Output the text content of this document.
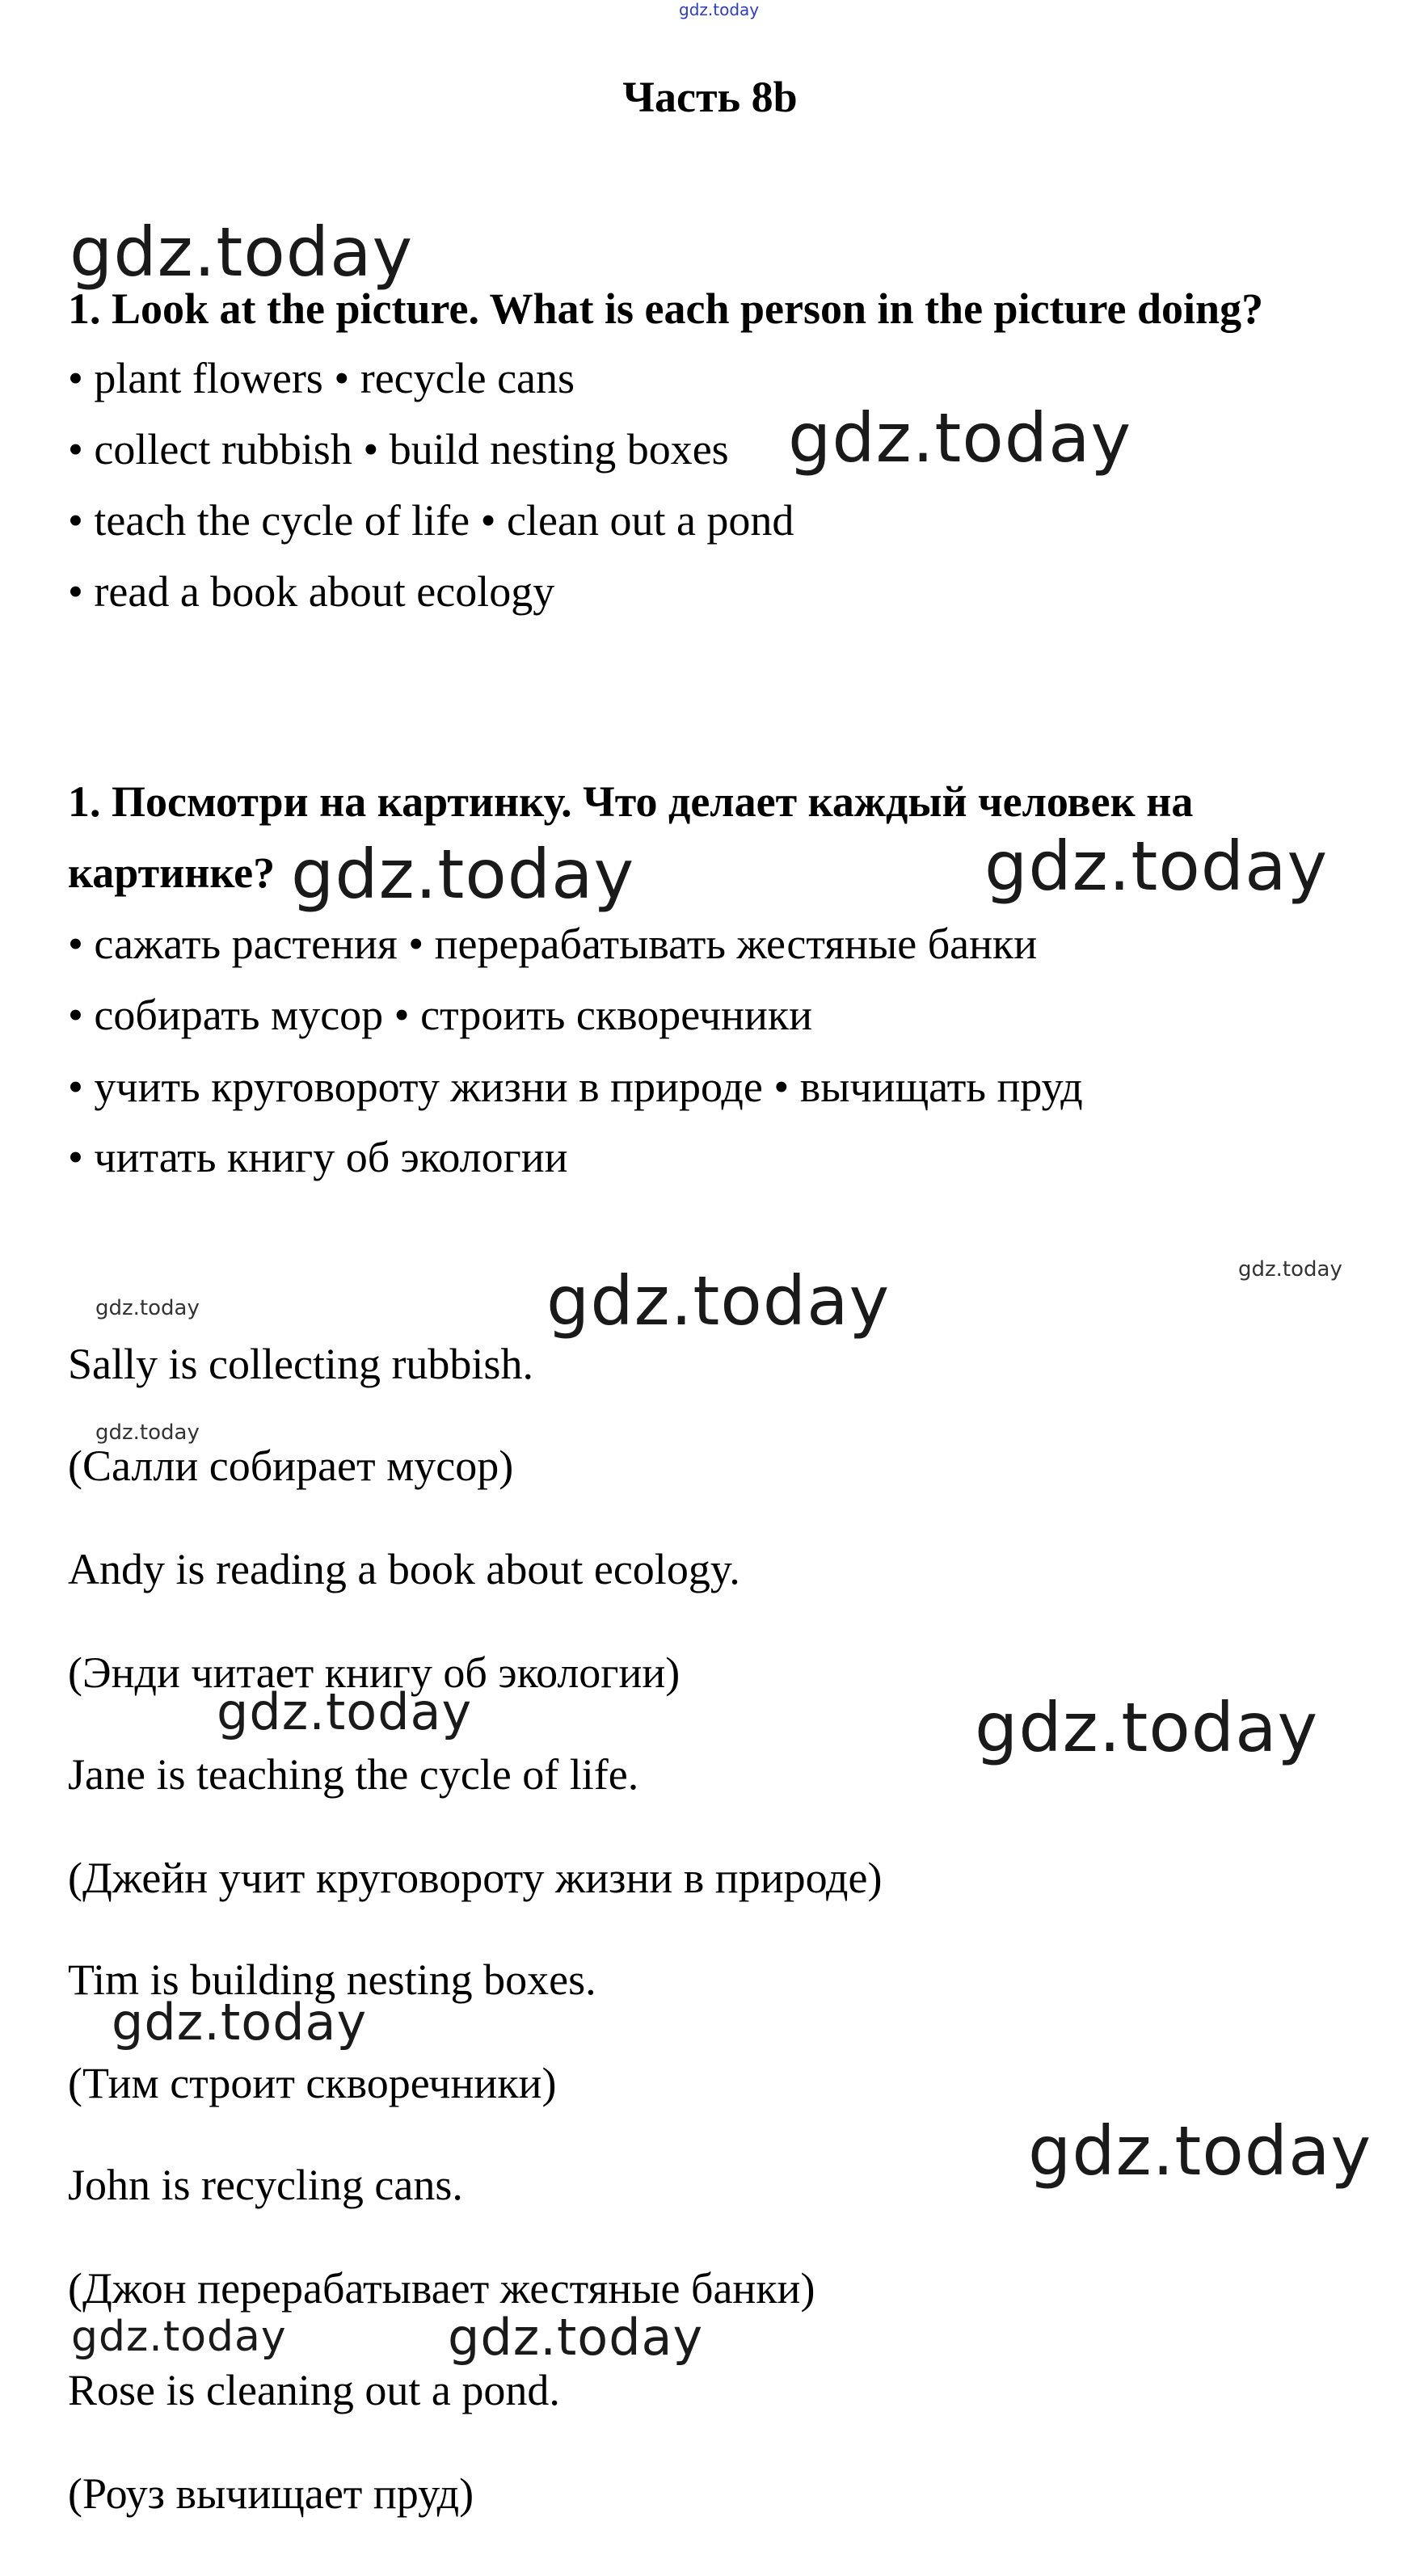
gdz.today
Часть 8b
gdz.today
1. Look at the picture. What is each person in the picture doing?
• plant flowers • recycle cans
• collect rubbish • build nesting boxes gdz.today
• teach the cycle of life • clean out a pond
• read a book about ecology
1. Посмотри на картинку. Что делает каждый человек на
картинке? gdz.today	gdz.today
• сажать растения • перерабатывать жестяные банки
• собирать мусор • строить скворечники
• учить круговороту жизни в природе • вычищать пруд
• читать книгу об экологии
gdz.today
gdz.today	gdz.today
Sally is collecting rubbish.
gdz.today
(Салли собирает мусор)
Andy is reading a book about ecology.
(Энди читает книгу об экологии)
gdz.today	gdz.today
Jane is teaching the cycle of life.
(Джейн учит круговороту жизни в природе)
Tim is building nesting boxes.
gdz.today
(Тим строит скворечники)
gdz.today
John is recycling cans.
(Джон перерабатывает жестяные банки)
gdz.today	gdz.today
Rose is cleaning out a pond.
(Роуз вычищает пруд)
